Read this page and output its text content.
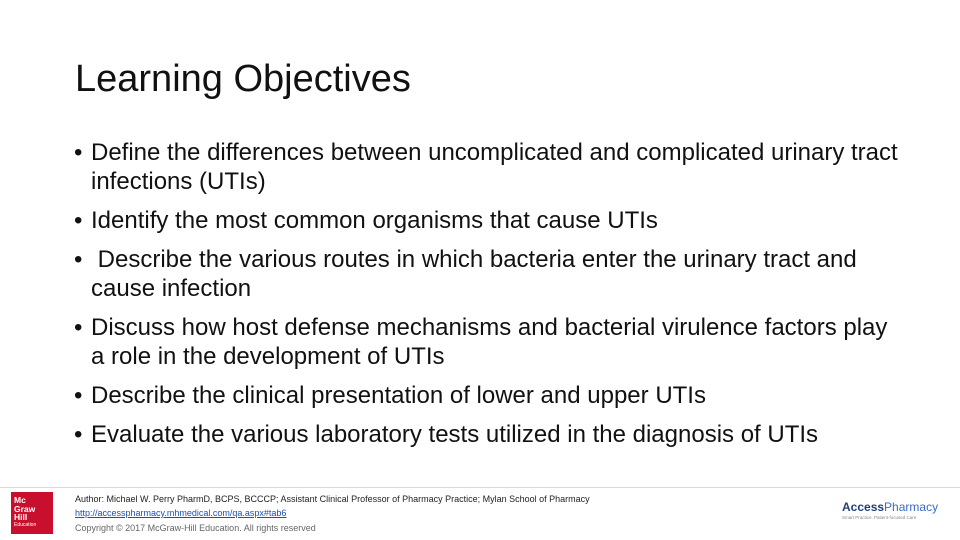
Learning Objectives
• Define the differences between uncomplicated and complicated urinary tract infections (UTIs)
• Identify the most common organisms that cause UTIs
• Describe the various routes in which bacteria enter the urinary tract and cause infection
• Discuss how host defense mechanisms and bacterial virulence factors play a role in the development of UTIs
• Describe the clinical presentation of lower and upper UTIs
• Evaluate the various laboratory tests utilized in the diagnosis of UTIs
Mc
Graw
Hill
Education
Author: Michael W. Perry PharmD, BCPS, BCCCP; Assistant Clinical Professor of Pharmacy Practice; Mylan School of Pharmacy
http://accesspharmacy.mhmedical.com/qa.aspx#tab6
Copyright © 2017 McGraw-Hill Education. All rights reserved
AccessPharmacy
Smart Practice. Patient-focused Care
